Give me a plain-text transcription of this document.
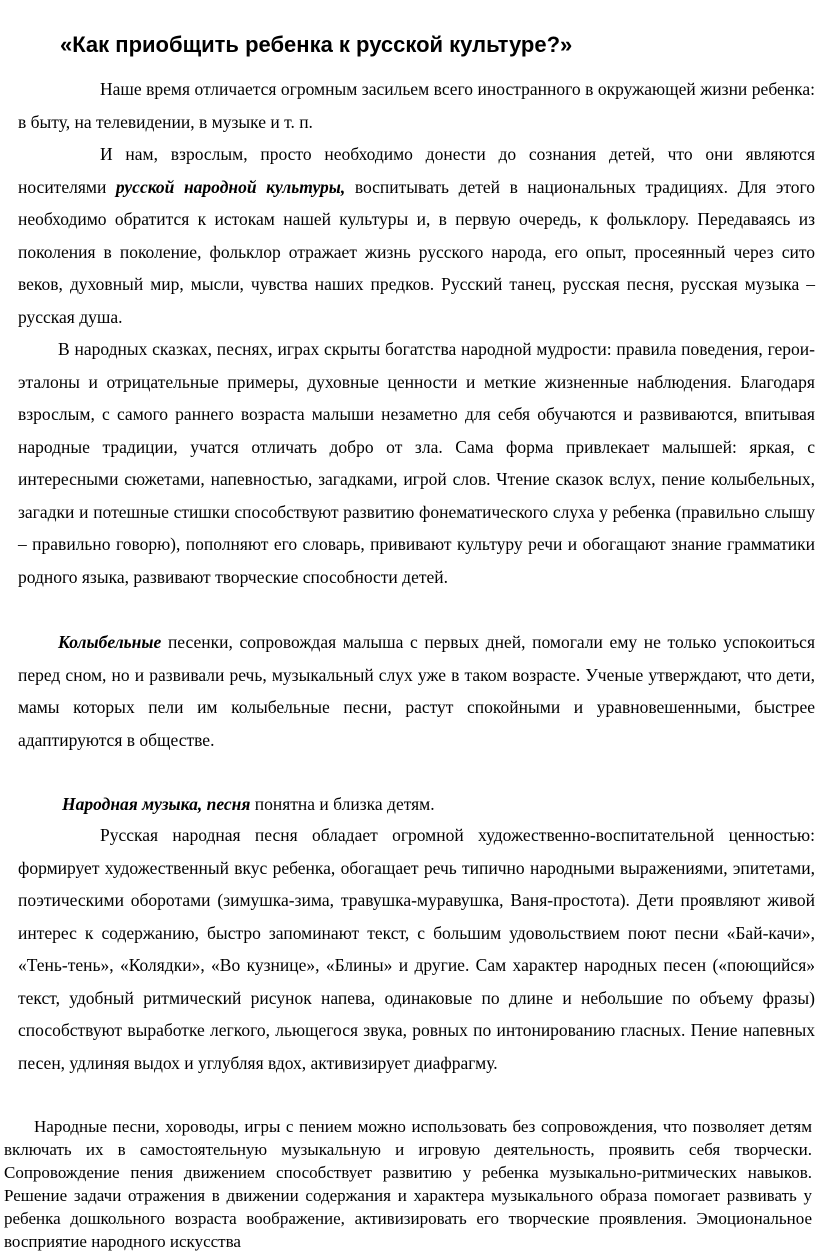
«Как приобщить ребенка к русской культуре?»

Наше время отличается огромным засильем всего иностранного в окружающей жизни ребенка: в быту, на телевидении, в музыке и т. п.

И нам, взрослым, просто необходимо донести до сознания детей, что они являются носителями русской народной культуры, воспитывать детей в национальных традициях. Для этого необходимо обратится к истокам нашей культуры и, в первую очередь, к фольклору. Передаваясь из поколения в поколение, фольклор отражает жизнь русского народа, его опыт, просеянный через сито веков, духовный мир, мысли, чувства наших предков. Русский танец, русская песня, русская музыка – русская душа.

В народных сказках, песнях, играх скрыты богатства народной мудрости: правила поведения, герои-эталоны и отрицательные примеры, духовные ценности и меткие жизненные наблюдения. Благодаря взрослым, с самого раннего возраста малыши незаметно для себя обучаются и развиваются, впитывая народные традиции, учатся отличать добро от зла. Сама форма привлекает малышей: яркая, с интересными сюжетами, напевностью, загадками, игрой слов. Чтение сказок вслух, пение колыбельных, загадки и потешные стишки способствуют развитию фонематического слуха у ребенка (правильно слышу – правильно говорю), пополняют его словарь, прививают культуру речи и обогащают знание грамматики родного языка, развивают творческие способности детей.

Колыбельные песенки, сопровождая малыша с первых дней, помогали ему не только успокоиться перед сном, но и развивали речь, музыкальный слух уже в таком возрасте. Ученые утверждают, что дети, мамы которых пели им колыбельные песни, растут спокойными и уравновешенными, быстрее адаптируются в обществе.

Народная музыка, песня понятна и близка детям.

Русская народная песня обладает огромной художественно-воспитательной ценностью: формирует художественный вкус ребенка, обогащает речь типично народными выражениями, эпитетами, поэтическими оборотами (зимушка-зима, травушка-муравушка, Ваня-простота). Дети проявляют живой интерес к содержанию, быстро запоминают текст, с большим удовольствием поют песни «Бай-качи», «Тень-тень», «Колядки», «Во кузнице», «Блины» и другие. Сам характер народных песен («поющийся» текст, удобный ритмический рисунок напева, одинаковые по длине и небольшие по объему фразы) способствуют выработке легкого, льющегося звука, ровных по интонированию гласных. Пение напевных песен, удлиняя выдох и углубляя вдох, активизирует диафрагму.

Народные песни, хороводы, игры с пением можно использовать без сопровождения, что позволяет детям включать их в самостоятельную музыкальную и игровую деятельность, проявить себя творчески. Сопровождение пения движением способствует развитию у ребенка музыкально-ритмических навыков. Решение задачи отражения в движении содержания и характера музыкального образа помогает развивать у ребенка дошкольного возраста воображение, активизировать его творческие проявления. Эмоциональное восприятие народного искусства
